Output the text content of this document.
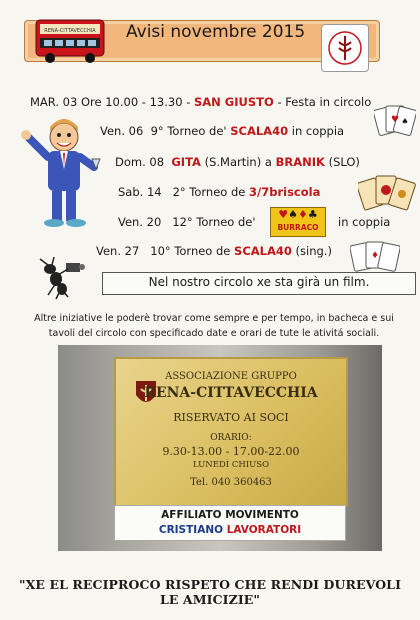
RENA-CITTAVECCHIA Avisi novembre 2015
MAR. 03 Ore 10.00 - 13.30 - SAN GIUSTO - Festa in circolo
Ven. 06 9° Torneo de' SCALA40 in coppia
♥ ♠
Dom. 08 GITA (S.Martin) a BRANIK (SLO)
Sab. 14 2° Torneo de 3/7briscola
Ven. 20 12° Torneo de'
♥♠♦♣
BURRACO	in coppia
Ven. 27 10° Torneo de SCALA40 (sing.)	♦
Nel nostro circolo xe sta girà un film.
Altre iniziative le poderè trovar come sempre e per tempo, in bacheca e sui tavoli del circolo con specificado date e orari de tute le ativitá sociali.
ASSOCIAZIONE GRUPPO
RENA-CITTAVECCHIA
RISERVATO AI SOCI
ORARIO:
9.30-13.00 - 17.00-22.00
LUNEDÌ CHIUSO
Tel. 040 360463
AFFILIATO MOVIMENTO
CRISTIANO LAVORATORI
"XE EL RECIPROCO RISPETO CHE RENDI DUREVOLI LE AMICIZIE"
